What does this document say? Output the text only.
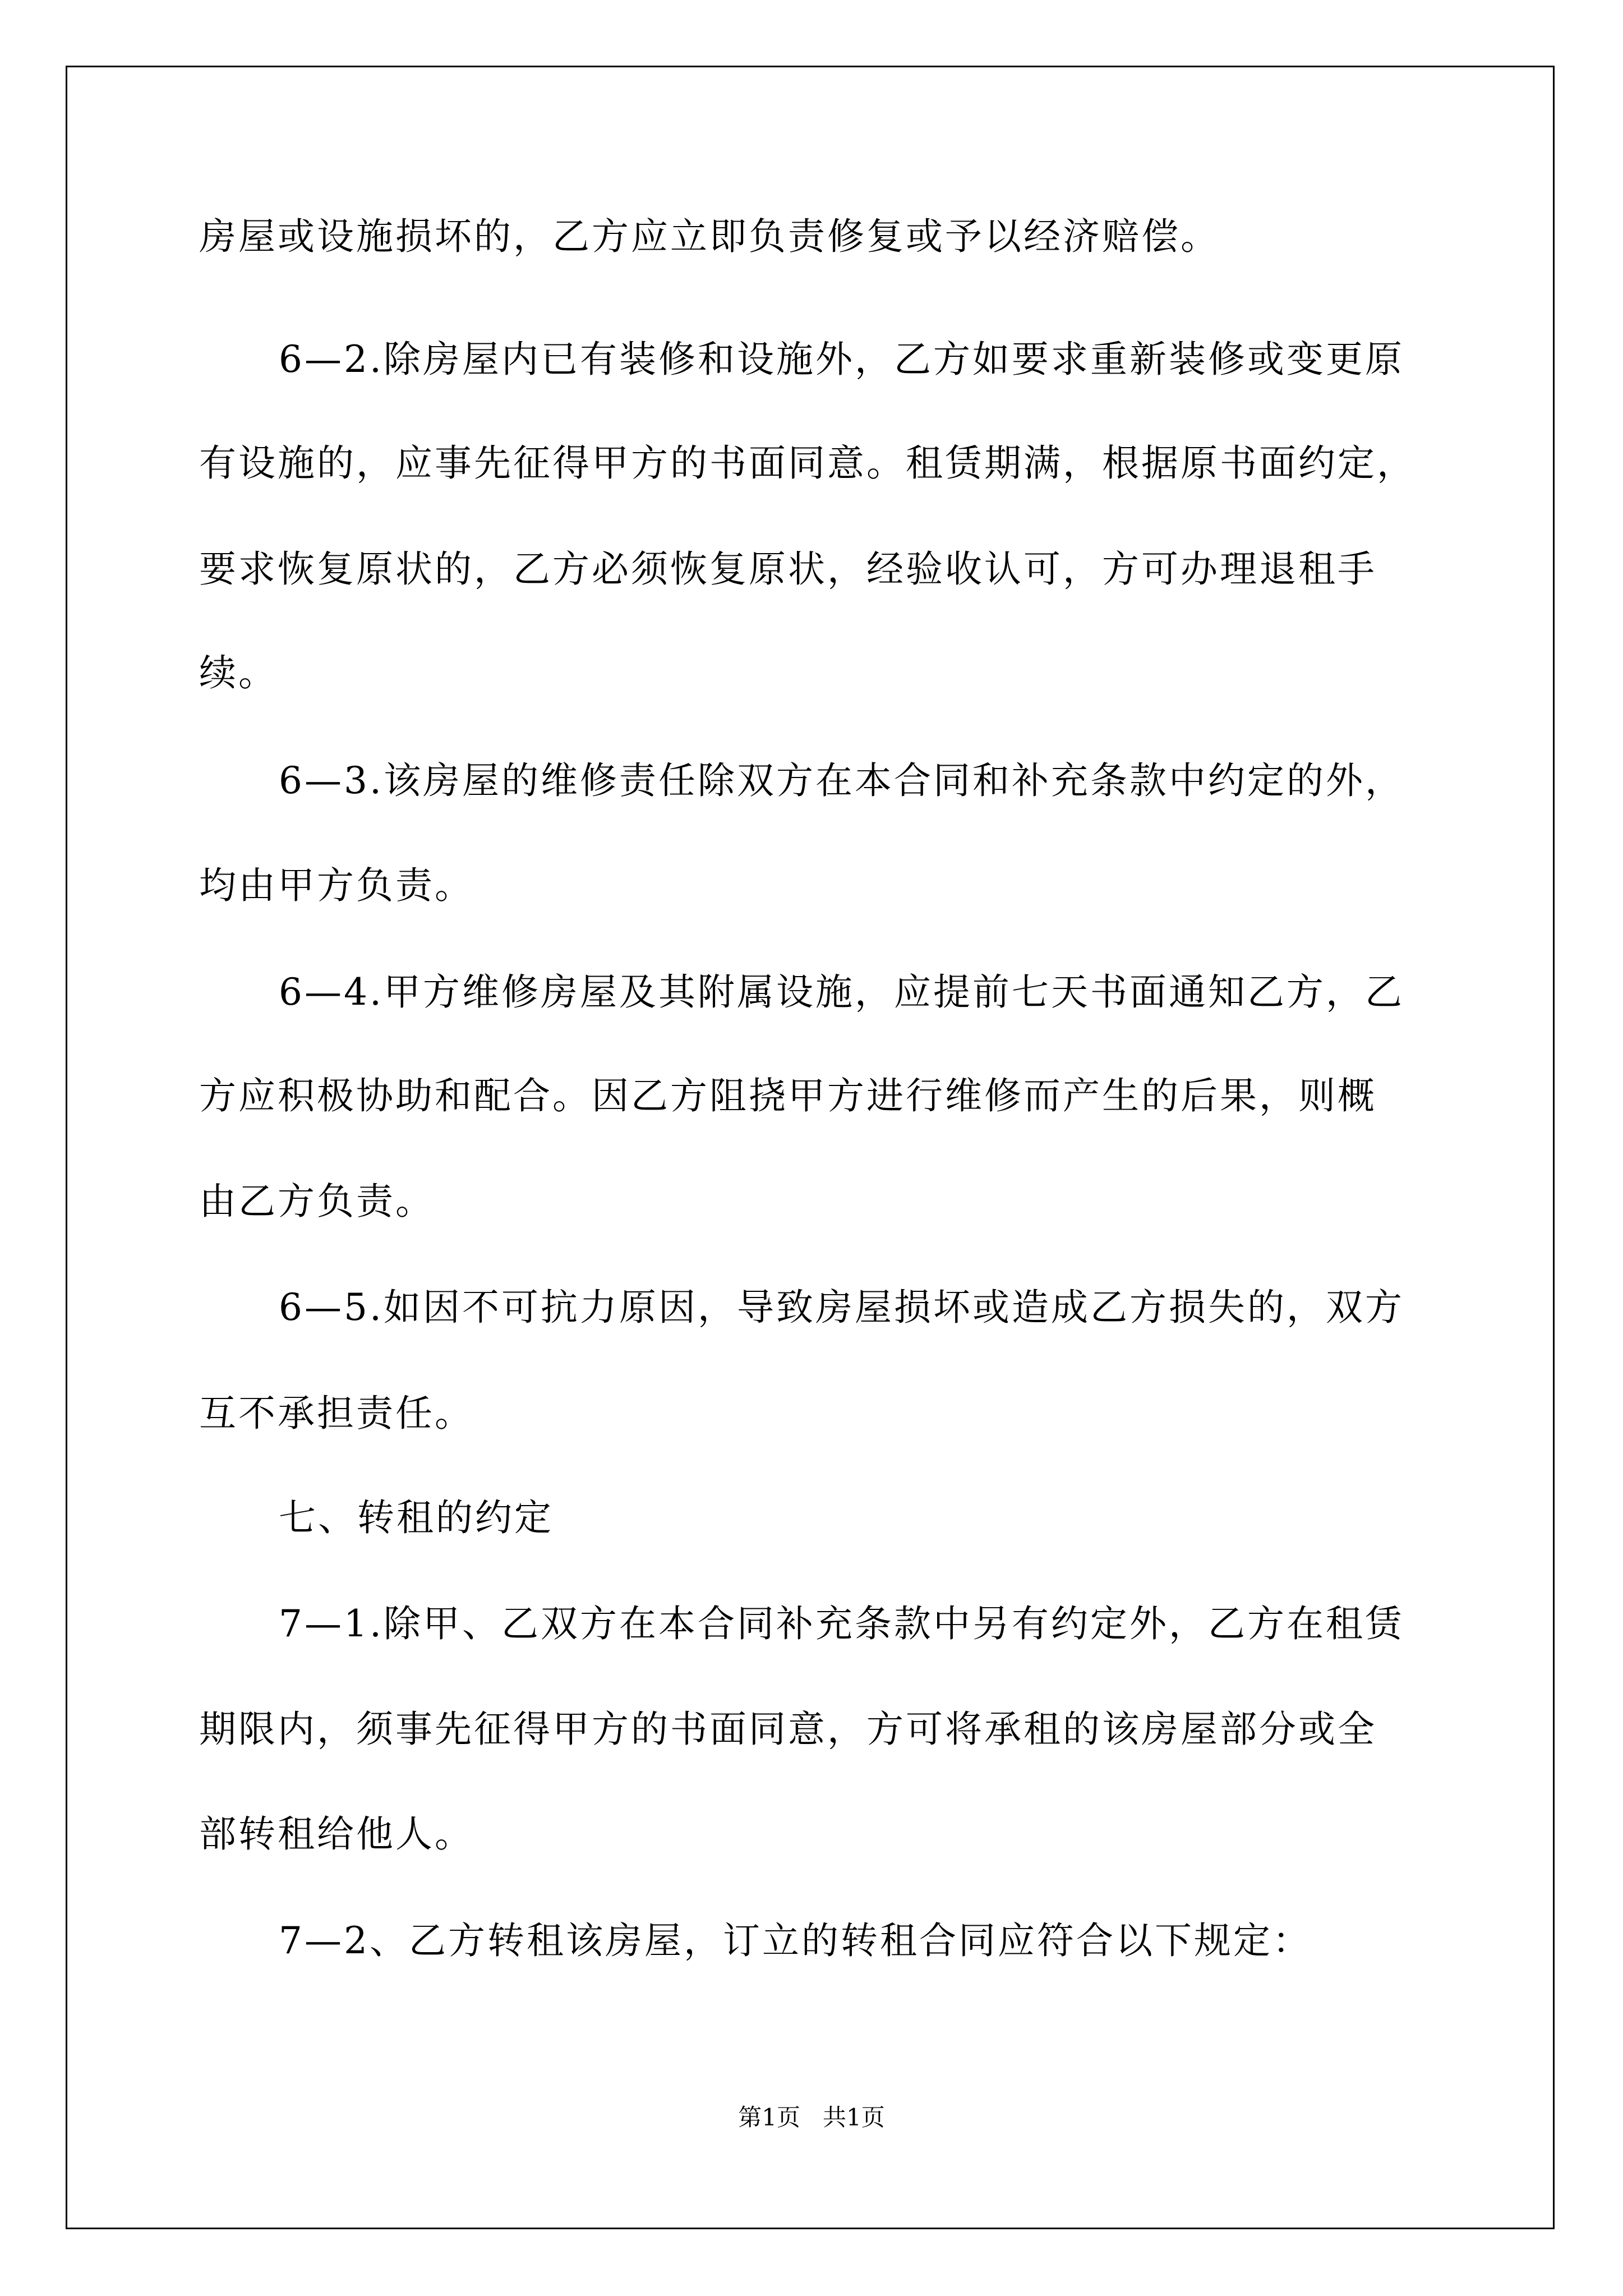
房屋或设施损坏的，乙方应立即负责修复或予以经济赔偿。
6—2.除房屋内已有装修和设施外，乙方如要求重新装修或变更原
有设施的，应事先征得甲方的书面同意。租赁期满，根据原书面约定，
要求恢复原状的，乙方必须恢复原状，经验收认可，方可办理退租手
续。
6—3.该房屋的维修责任除双方在本合同和补充条款中约定的外，
均由甲方负责。
6—4.甲方维修房屋及其附属设施，应提前七天书面通知乙方，乙
方应积极协助和配合。因乙方阻挠甲方进行维修而产生的后果，则概
由乙方负责。
6—5.如因不可抗力原因，导致房屋损坏或造成乙方损失的，双方
互不承担责任。
七、转租的约定
7—1.除甲、乙双方在本合同补充条款中另有约定外，乙方在租赁
期限内，须事先征得甲方的书面同意，方可将承租的该房屋部分或全
部转租给他人。
7—2、乙方转租该房屋，订立的转租合同应符合以下规定：
第1页   共1页
